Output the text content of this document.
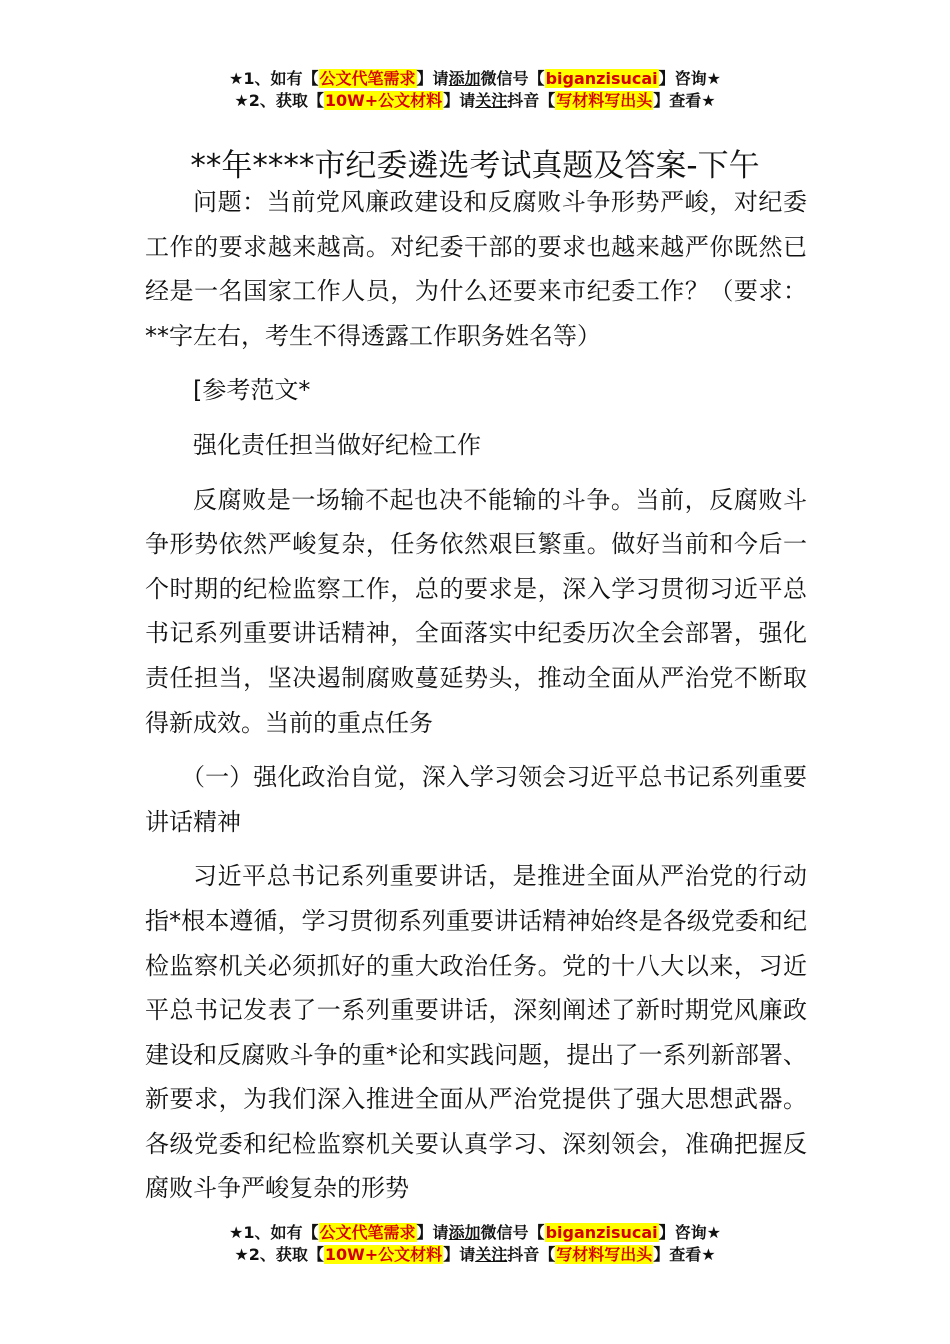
★1、如有【公文代笔需求】请添加微信号【biganzisucai】咨询★
★2、获取【10W+公文材料】请关注抖音【写材料写出头】查看★
**年****市纪委遴选考试真题及答案-下午

问题：当前党风廉政建设和反腐败斗争形势严峻，对纪委工作的要求越来越高。对纪委干部的要求也越来越严你既然已经是一名国家工作人员，为什么还要来市纪委工作？（要求：**字左右，考生不得透露工作职务姓名等）

[参考范文*

强化责任担当做好纪检工作

反腐败是一场输不起也决不能输的斗争。当前，反腐败斗争形势依然严峻复杂，任务依然艰巨繁重。做好当前和今后一个时期的纪检监察工作，总的要求是，深入学习贯彻习近平总书记系列重要讲话精神，全面落实中纪委历次全会部署，强化责任担当，坚决遏制腐败蔓延势头，推动全面从严治党不断取得新成效。当前的重点任务

（一）强化政治自觉，深入学习领会习近平总书记系列重要讲话精神

习近平总书记系列重要讲话，是推进全面从严治党的行动指*根本遵循，学习贯彻系列重要讲话精神始终是各级党委和纪检监察机关必须抓好的重大政治任务。党的十八大以来，习近平总书记发表了一系列重要讲话，深刻阐述了新时期党风廉政建设和反腐败斗争的重*论和实践问题，提出了一系列新部署、新要求，为我们深入推进全面从严治党提供了强大思想武器。各级党委和纪检监察机关要认真学习、深刻领会，准确把握反腐败斗争严峻复杂的形势

★1、如有【公文代笔需求】请添加微信号【biganzisucai】咨询★
★2、获取【10W+公文材料】请关注抖音【写材料写出头】查看★
